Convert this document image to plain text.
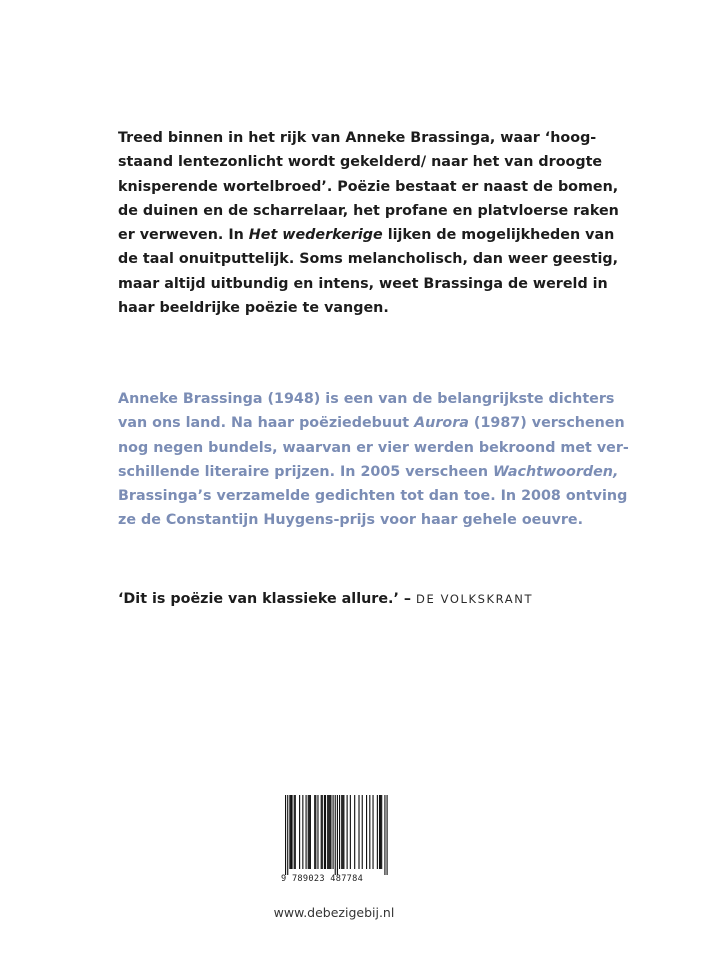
Treed binnen in het rijk van Anneke Brassinga, waar ‘hoog-
staand lentezonlicht wordt gekelderd/ naar het van droogte
knisperende wortelbroed’. Poëzie bestaat er naast de bomen,
de duinen en de scharrelaar, het profane en platvloerse raken
er verweven. In Het wederkerige lijken de mogelijkheden van
de taal onuitputtelijk. Soms melancholisch, dan weer geestig,
maar altijd uitbundig en intens, weet Brassinga de wereld in
haar beeldrijke poëzie te vangen.

Anneke Brassinga (1948) is een van de belangrijkste dichters
van ons land. Na haar poëziedebuut Aurora (1987) verschenen
nog negen bundels, waarvan er vier werden bekroond met ver-
schillende literaire prijzen. In 2005 verscheen Wachtwoorden,
Brassinga’s verzamelde gedichten tot dan toe. In 2008 ontving
ze de Constantijn Huygens-prijs voor haar gehele oeuvre.

‘Dit is poëzie van klassieke allure.’ – DE VOLKSKRANT

9 789023 487784
www.debezigebij.nl
